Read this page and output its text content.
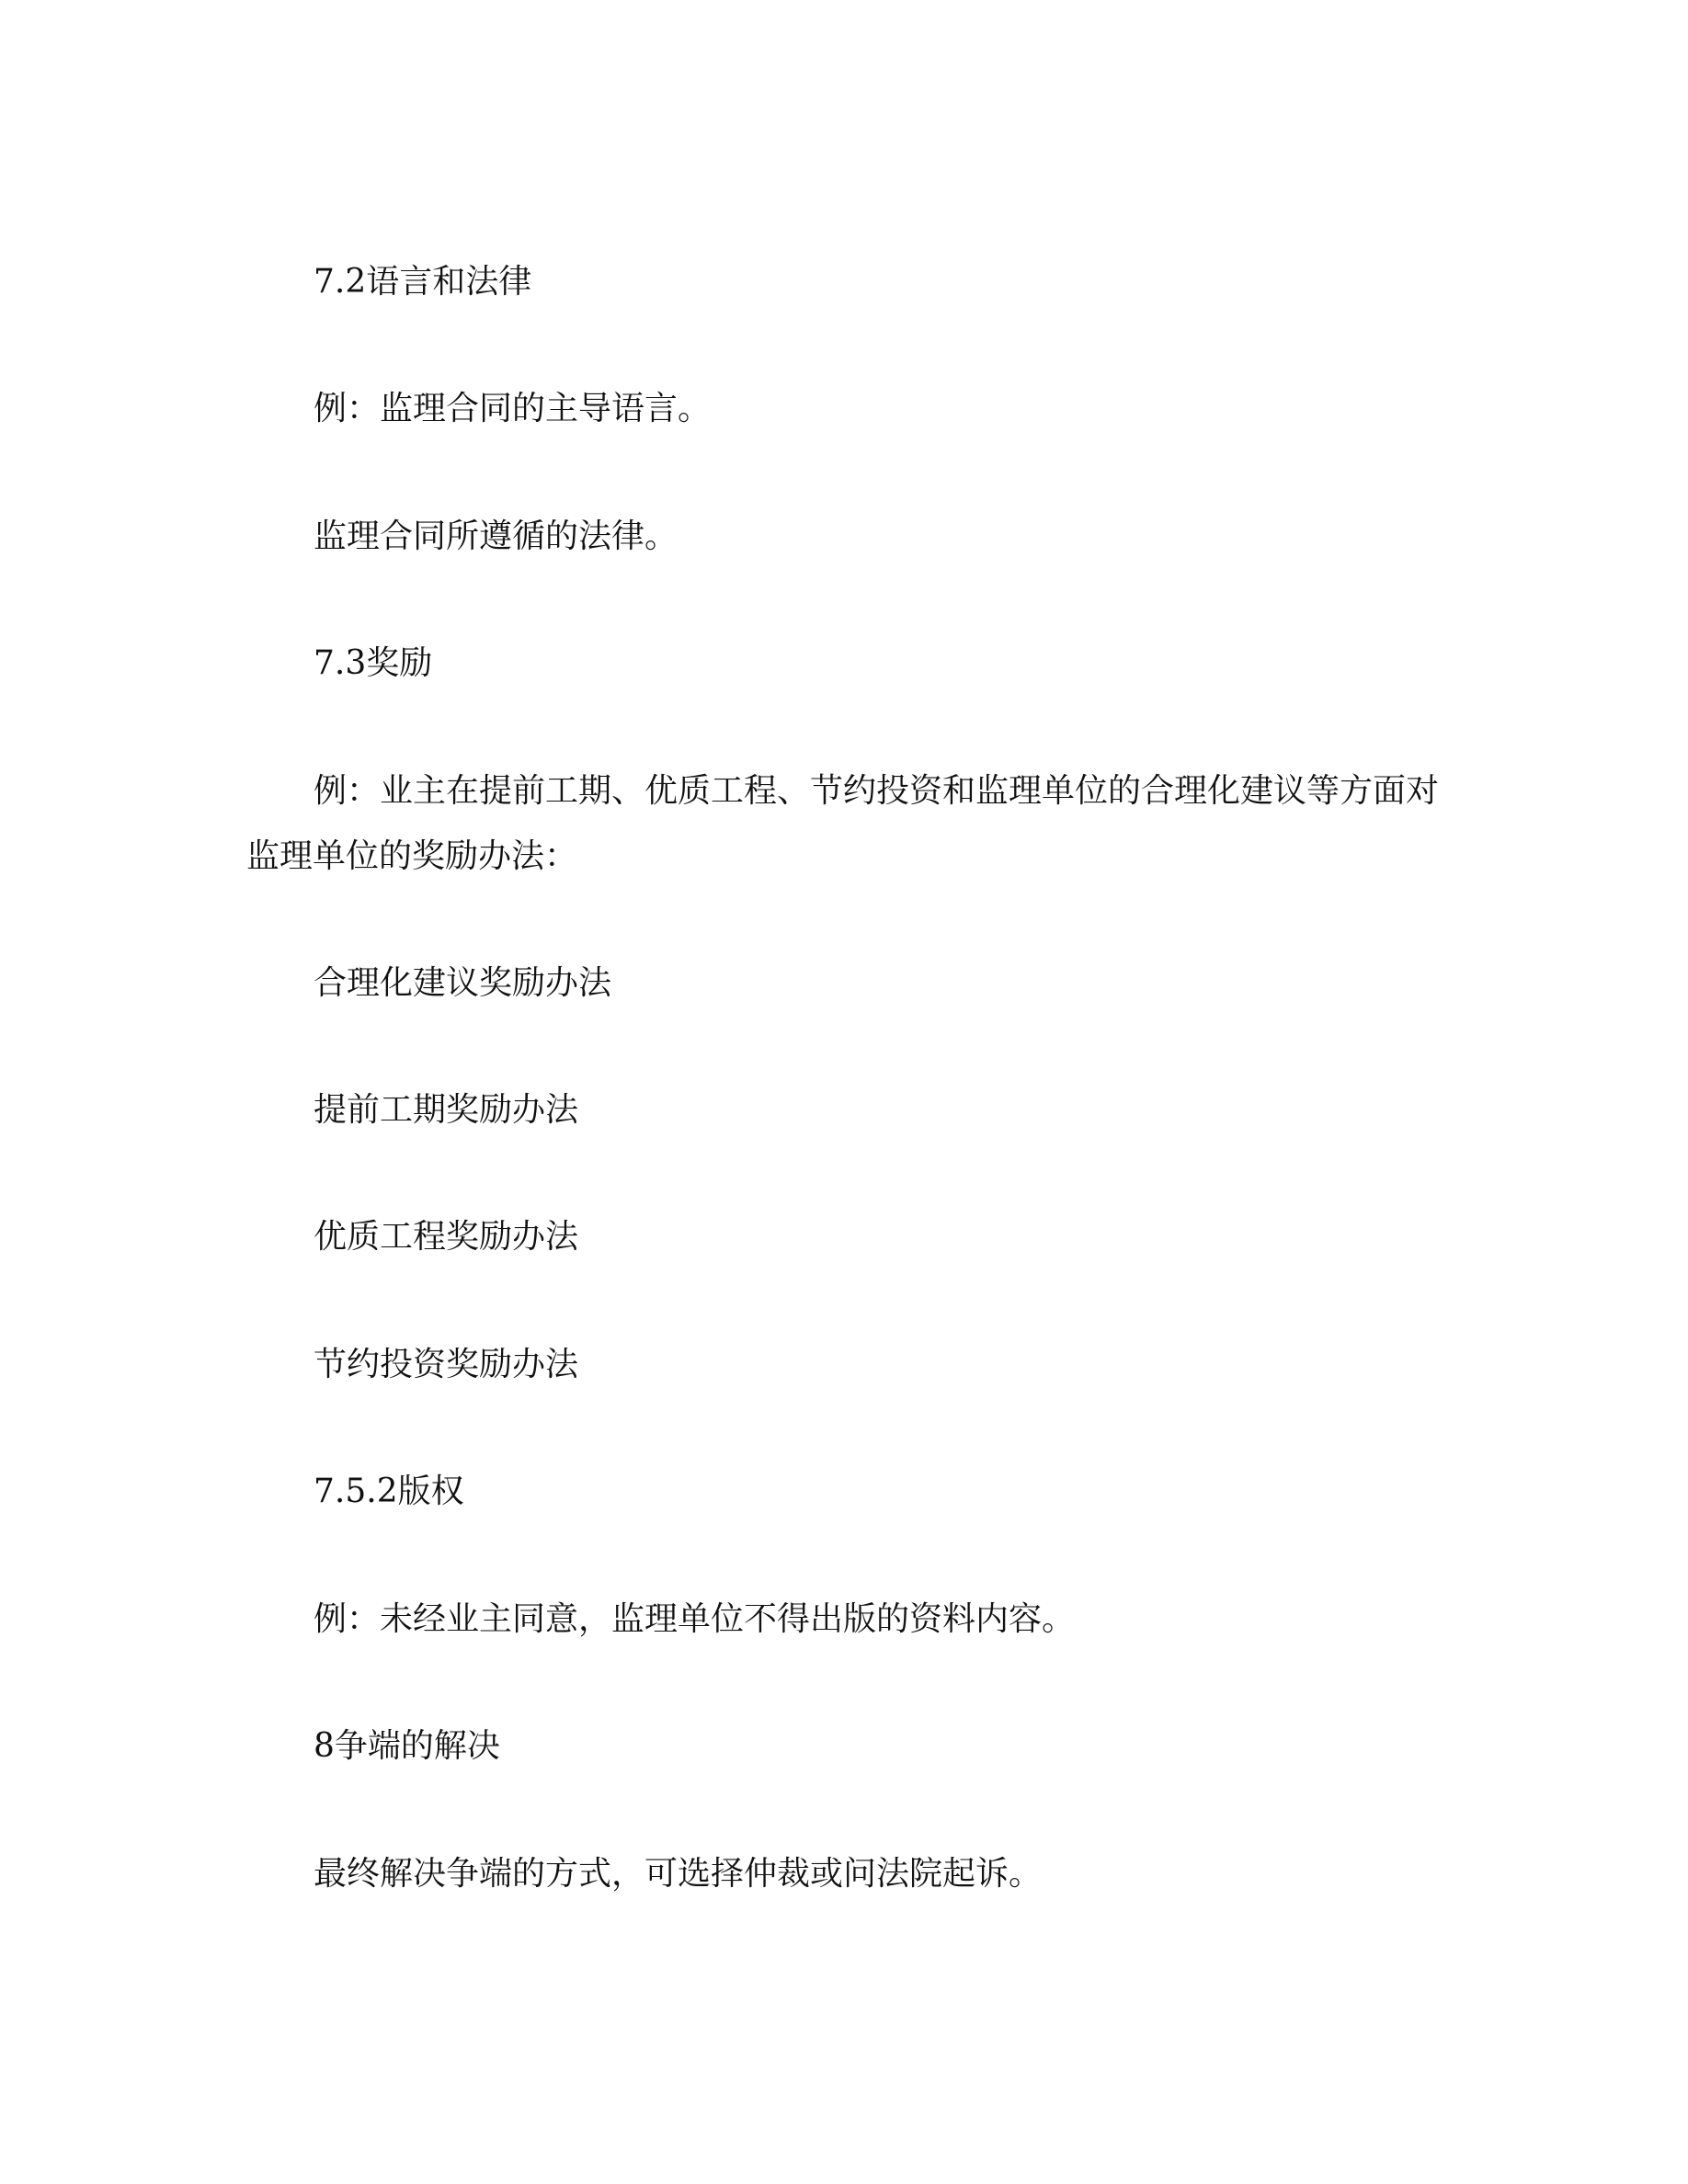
7.2语言和法律

例：监理合同的主导语言。

监理合同所遵循的法律。

7.3奖励

例：业主在提前工期、优质工程、节约投资和监理单位的合理化建议等方面对

监理单位的奖励办法：

合理化建议奖励办法

提前工期奖励办法

优质工程奖励办法

节约投资奖励办法

7.5.2版权

例：未经业主同意，监理单位不得出版的资料内容。

8争端的解决

最终解决争端的方式，可选择仲裁或问法院起诉。
